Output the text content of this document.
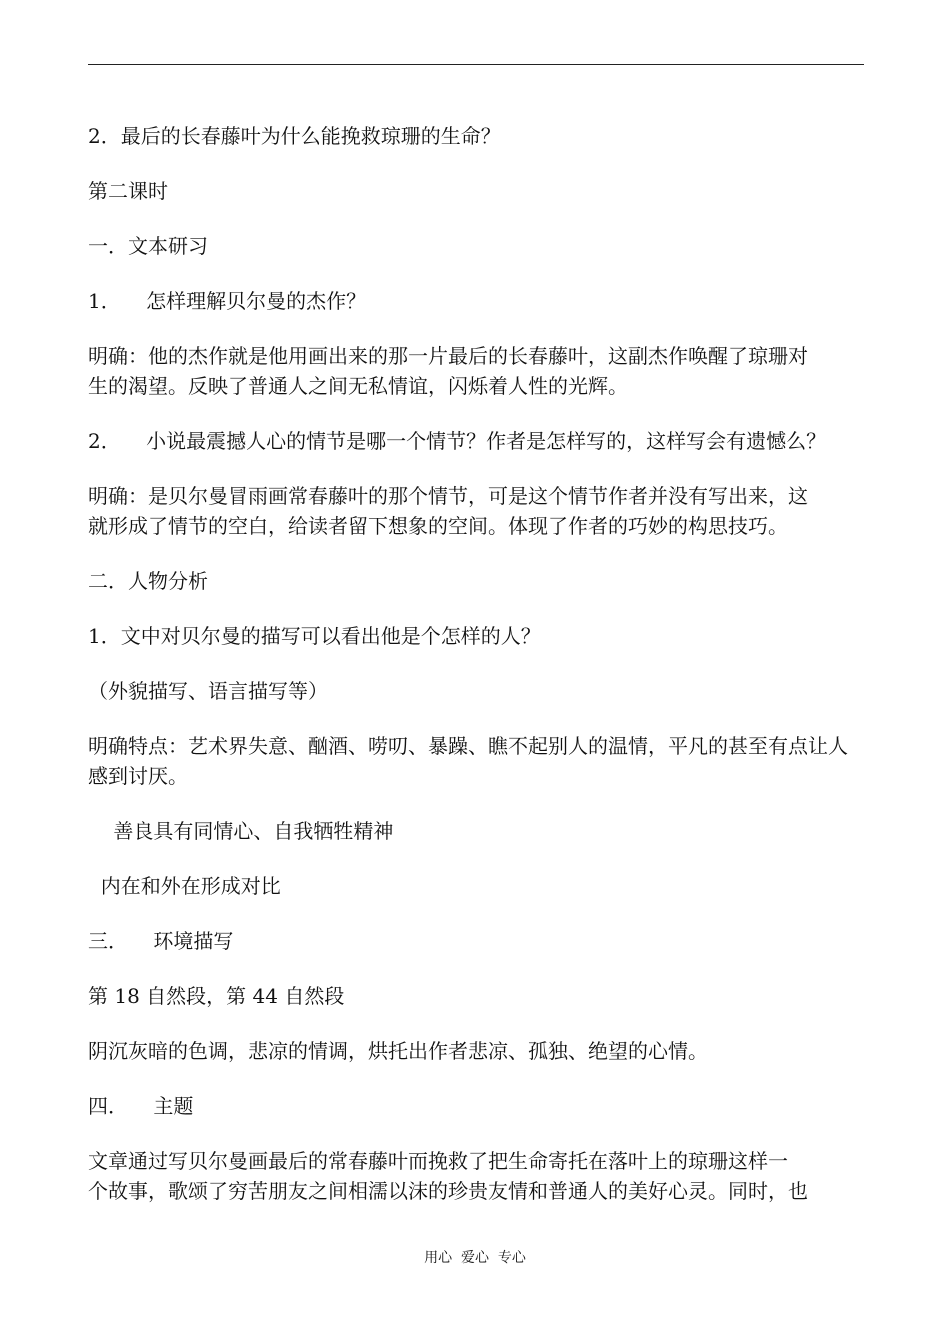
2．最后的长春藤叶为什么能挽救琼珊的生命？
第二课时
一．文本研习
1．    怎样理解贝尔曼的杰作？
明确：他的杰作就是他用画出来的那一片最后的长春藤叶，这副杰作唤醒了琼珊对
生的渴望。反映了普通人之间无私情谊，闪烁着人性的光辉。
2．    小说最震撼人心的情节是哪一个情节？作者是怎样写的，这样写会有遗憾么？
明确：是贝尔曼冒雨画常春藤叶的那个情节，可是这个情节作者并没有写出来，这
就形成了情节的空白，给读者留下想象的空间。体现了作者的巧妙的构思技巧。
二．人物分析
1．文中对贝尔曼的描写可以看出他是个怎样的人？
（外貌描写、语言描写等）
明确特点：艺术界失意、酗酒、唠叨、暴躁、瞧不起别人的温情，平凡的甚至有点让人
感到讨厌。
善良具有同情心、自我牺牲精神
内在和外在形成对比
三．    环境描写
第 18 自然段，第 44 自然段
阴沉灰暗的色调，悲凉的情调，烘托出作者悲凉、孤独、绝望的心情。
四．    主题
文章通过写贝尔曼画最后的常春藤叶而挽救了把生命寄托在落叶上的琼珊这样一
个故事，歌颂了穷苦朋友之间相濡以沫的珍贵友情和普通人的美好心灵。同时，也
用心  爱心  专心
